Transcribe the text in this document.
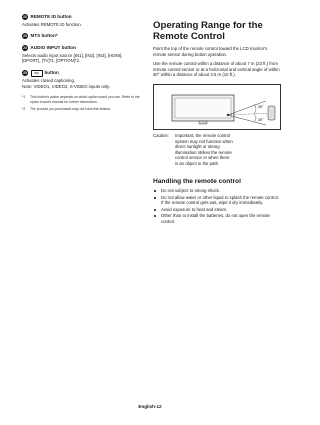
22 REMOTE ID button

Activates REMOTE ID function.

23 MTS button*
24 AUDIO INPUT button

Selects audio input source [IN1], [IN2], [IN3], [HDMI], [DPORT], [TV]*1, [OPTION]*2.

25	CC	button

Activates closed captioning.
Note: VIDEO1, VIDEO2, S-VIDEO inputs only.

*1	This button's action depends on which option board you use. Refer to the option board's manual for further information.
*2	The product you purchased may not have this feature.
Operating Range for the Remote Control

Point the top of the remote control toward the LCD monitor's remote sensor during button operation.

Use the remote control within a distance of about 7 m (23 ft.) from remote control sensor or at a horizontal and vertical angle of within 30° within a distance of about 3.5 m (10 ft.).

30°
30°
Caution: Important, the remote control system may not function when direct sunlight or strong illumination strikes the remote control sensor or when there is an object in the path.
Handling the remote control
Do not subject to strong shock.
Do not allow water or other liquid to splash the remote control. If the remote control gets wet, wipe it dry immediately.
Avoid exposure to heat and steam.
Other than to install the batteries, do not open the remote control.
English-12
